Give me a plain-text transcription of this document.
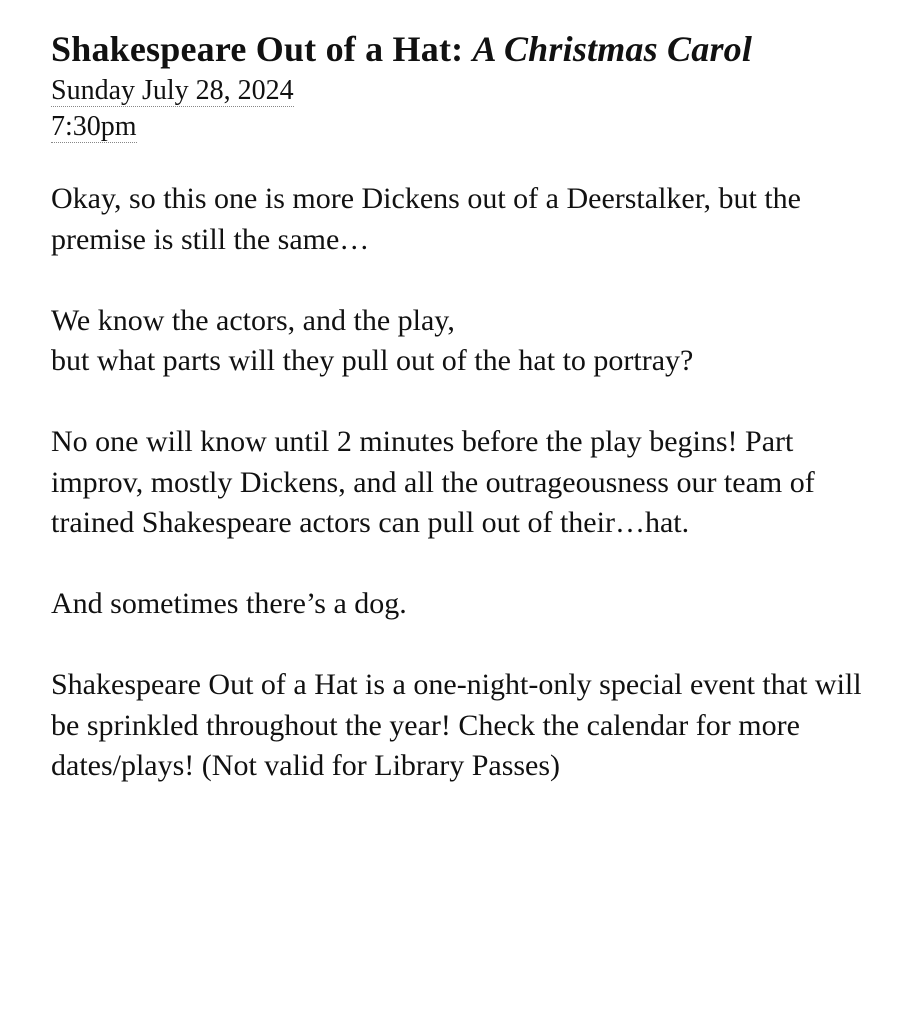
Shakespeare Out of a Hat: A Christmas Carol
Sunday July 28, 2024
7:30pm

Okay, so this one is more Dickens out of a Deerstalker, but the premise is still the same…

We know the actors, and the play,
but what parts will they pull out of the hat to portray?

No one will know until 2 minutes before the play begins! Part improv, mostly Dickens, and all the outrageousness our team of trained Shakespeare actors can pull out of their…hat.

And sometimes there’s a dog.

Shakespeare Out of a Hat is a one-night-only special event that will be sprinkled throughout the year! Check the calendar for more dates/plays! (Not valid for Library Passes)
